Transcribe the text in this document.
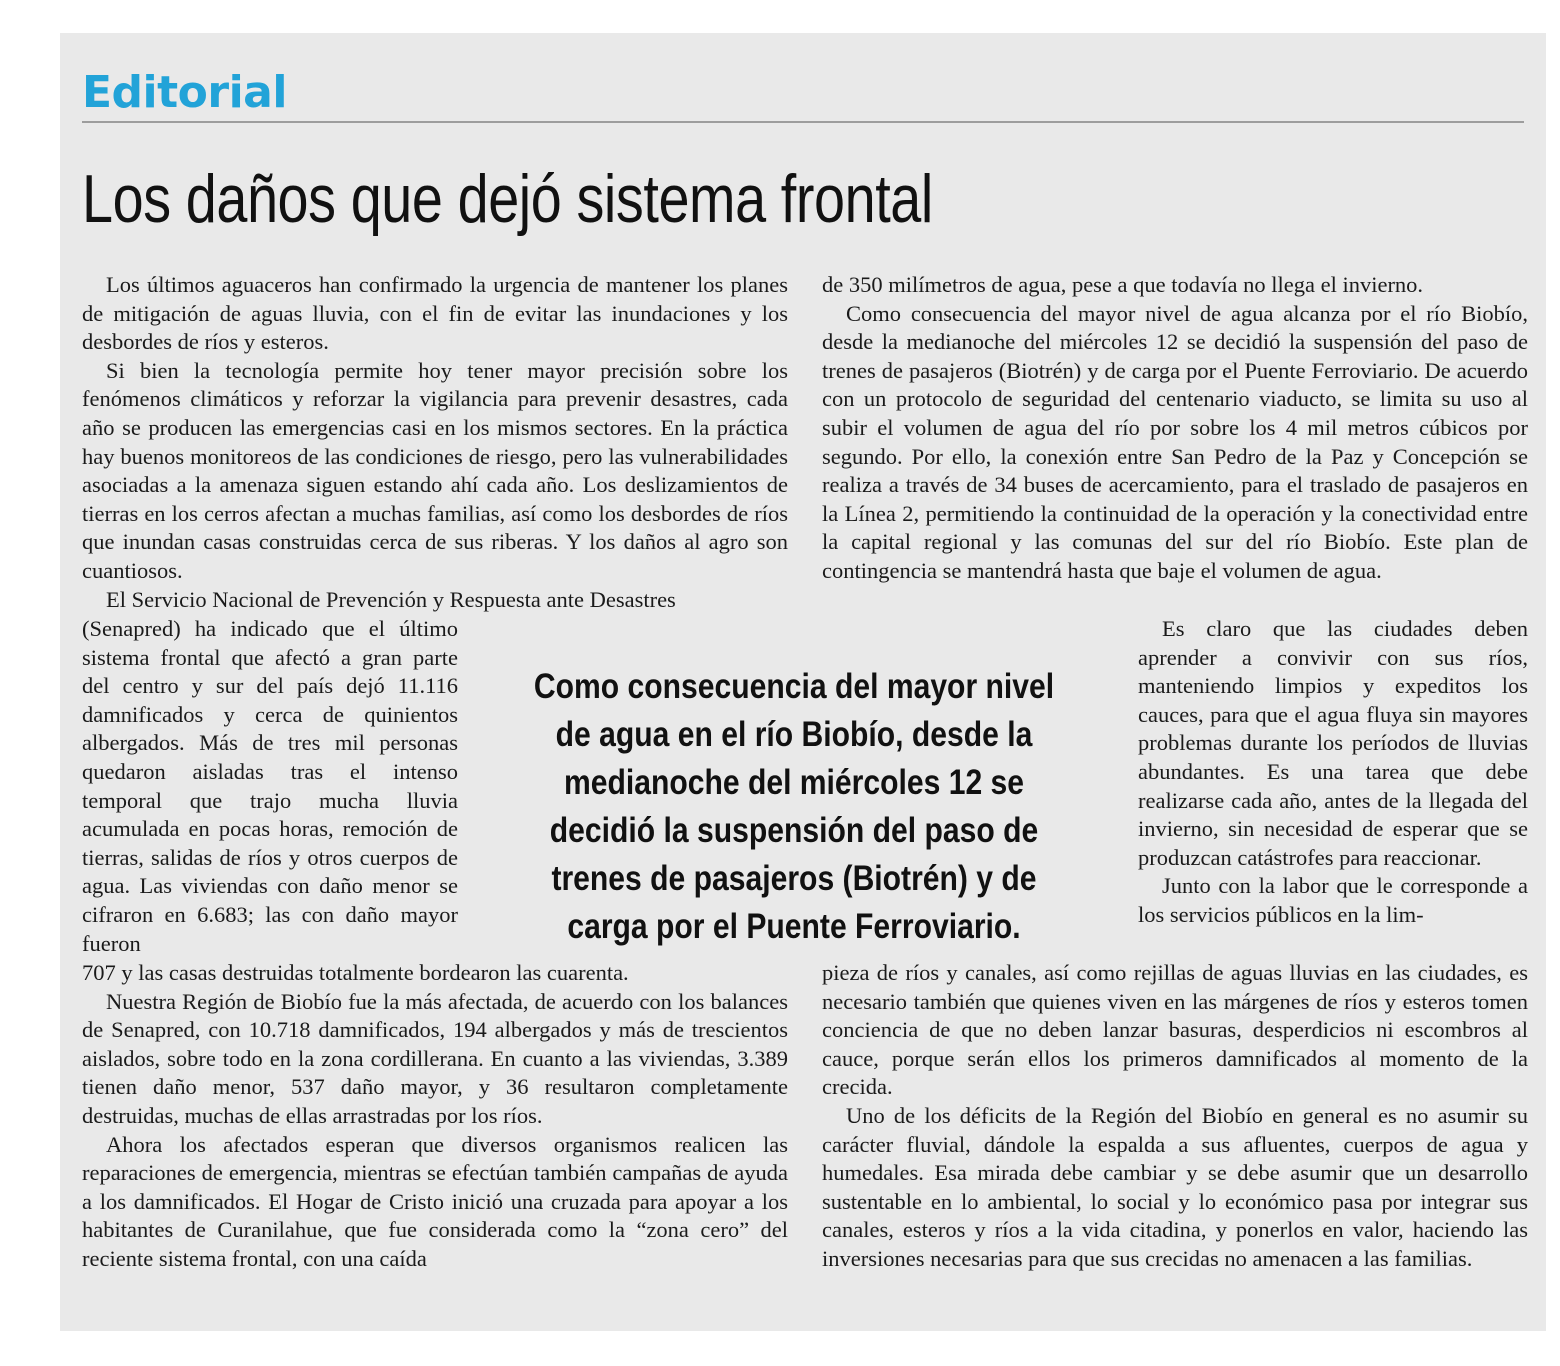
Editorial
Los daños que dejó sistema frontal

Los últimos aguaceros han confirmado la urgencia de mantener los planes de mitigación de aguas lluvia, con el fin de evitar las inundaciones y los desbordes de ríos y esteros.

Si bien la tecnología permite hoy tener mayor precisión sobre los fenómenos climáticos y reforzar la vigilancia para prevenir desastres, cada año se producen las emergencias casi en los mismos sectores. En la práctica hay buenos monitoreos de las condiciones de riesgo, pero las vulnerabilidades asociadas a la amenaza siguen estando ahí cada año. Los deslizamientos de tierras en los cerros afectan a muchas familias, así como los desbordes de ríos que inundan casas construidas cerca de sus riberas. Y los daños al agro son cuantiosos.

El Servicio Nacional de Prevención y Respuesta ante Desastres

(Senapred) ha indicado que el último sistema frontal que afectó a gran parte del centro y sur del país dejó 11.116 damnificados y cerca de quinientos albergados. Más de tres mil personas quedaron aisladas tras el intenso temporal que trajo mucha lluvia acumulada en pocas horas, remoción de tierras, salidas de ríos y otros cuerpos de agua. Las viviendas con daño menor se cifraron en 6.683; las con daño mayor fueron

707 y las casas destruidas totalmente bordearon las cuarenta.

Nuestra Región de Biobío fue la más afectada, de acuerdo con los balances de Senapred, con 10.718 damnificados, 194 albergados y más de trescientos aislados, sobre todo en la zona cordillerana. En cuanto a las viviendas, 3.389 tienen daño menor, 537 daño mayor, y 36 resultaron completamente destruidas, muchas de ellas arrastradas por los ríos.

Ahora los afectados esperan que diversos organismos realicen las reparaciones de emergencia, mientras se efectúan también campañas de ayuda a los damnificados. El Hogar de Cristo inició una cruzada para apoyar a los habitantes de Curanilahue, que fue considerada como la “zona cero” del reciente sistema frontal, con una caída

de 350 milímetros de agua, pese a que todavía no llega el invierno.

Como consecuencia del mayor nivel de agua alcanza por el río Biobío, desde la medianoche del miércoles 12 se decidió la suspensión del paso de trenes de pasajeros (Biotrén) y de carga por el Puente Ferroviario. De acuerdo con un protocolo de seguridad del centenario viaducto, se limita su uso al subir el volumen de agua del río por sobre los 4 mil metros cúbicos por segundo. Por ello, la conexión entre San Pedro de la Paz y Concepción se realiza a través de 34 buses de acercamiento, para el traslado de pasajeros en la Línea 2, permitiendo la continuidad de la operación y la conectividad entre la capital regional y las comunas del sur del río Biobío. Este plan de contingencia se mantendrá hasta que baje el volumen de agua.

Como consecuencia del mayor nivel de agua en el río Biobío, desde la medianoche del miércoles 12 se decidió la suspensión del paso de trenes de pasajeros (Biotrén) y de carga por el Puente Ferroviario.

Es claro que las ciudades deben aprender a convivir con sus ríos, manteniendo limpios y expeditos los cauces, para que el agua fluya sin mayores problemas durante los períodos de lluvias abundantes. Es una tarea que debe realizarse cada año, antes de la llegada del invierno, sin necesidad de esperar que se produzcan catástrofes para reaccionar.

Junto con la labor que le corresponde a los servicios públicos en la lim-

pieza de ríos y canales, así como rejillas de aguas lluvias en las ciudades, es necesario también que quienes viven en las márgenes de ríos y esteros tomen conciencia de que no deben lanzar basuras, desperdicios ni escombros al cauce, porque serán ellos los primeros damnificados al momento de la crecida.

Uno de los déficits de la Región del Biobío en general es no asumir su carácter fluvial, dándole la espalda a sus afluentes, cuerpos de agua y humedales. Esa mirada debe cambiar y se debe asumir que un desarrollo sustentable en lo ambiental, lo social y lo económico pasa por integrar sus canales, esteros y ríos a la vida citadina, y ponerlos en valor, haciendo las inversiones necesarias para que sus crecidas no amenacen a las familias.
